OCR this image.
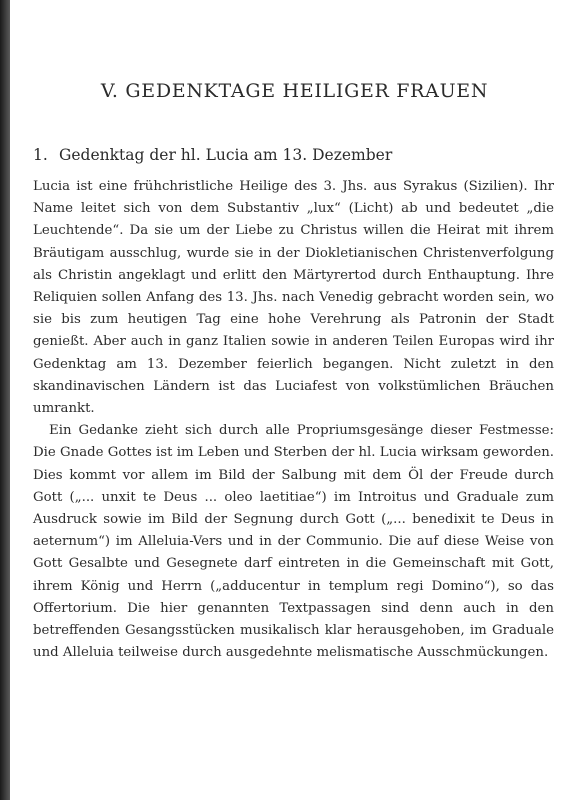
V. GEDENKTAGE HEILIGER FRAUEN
1. Gedenktag der hl. Lucia am 13. Dezember

Lucia ist eine frühchristliche Heilige des 3. Jhs. aus Syrakus (Sizilien). Ihr Name leitet sich von dem Substantiv „lux“ (Licht) ab und bedeutet „die Leuchtende“. Da sie um der Liebe zu Christus willen die Heirat mit ihrem Bräutigam ausschlug, wurde sie in der Diokletianischen Christenverfolgung als Christin angeklagt und erlitt den Märtyrertod durch Enthauptung. Ihre Reliquien sollen Anfang des 13. Jhs. nach Venedig gebracht worden sein, wo sie bis zum heutigen Tag eine hohe Verehrung als Patronin der Stadt genießt. Aber auch in ganz Italien sowie in anderen Teilen Europas wird ihr Gedenktag am 13. Dezember feierlich begangen. Nicht zuletzt in den skandinavischen Ländern ist das Luciafest von volkstümlichen Bräuchen umrankt.

Ein Gedanke zieht sich durch alle Propriumsgesänge dieser Festmesse: Die Gnade Gottes ist im Leben und Sterben der hl. Lucia wirksam geworden. Dies kommt vor allem im Bild der Salbung mit dem Öl der Freude durch Gott („... unxit te Deus ... oleo laetitiae“) im Introitus und Graduale zum Ausdruck sowie im Bild der Segnung durch Gott („... benedixit te Deus in aeternum“) im Alleluia-Vers und in der Communio. Die auf diese Weise von Gott Gesalbte und Gesegnete darf eintreten in die Gemeinschaft mit Gott, ihrem König und Herrn („adducentur in templum regi Domino“), so das Offertorium. Die hier genannten Textpassagen sind denn auch in den betreffenden Gesangsstücken musikalisch klar herausgehoben, im Graduale und Alleluia teilweise durch ausgedehnte melismatische Ausschmückungen.
